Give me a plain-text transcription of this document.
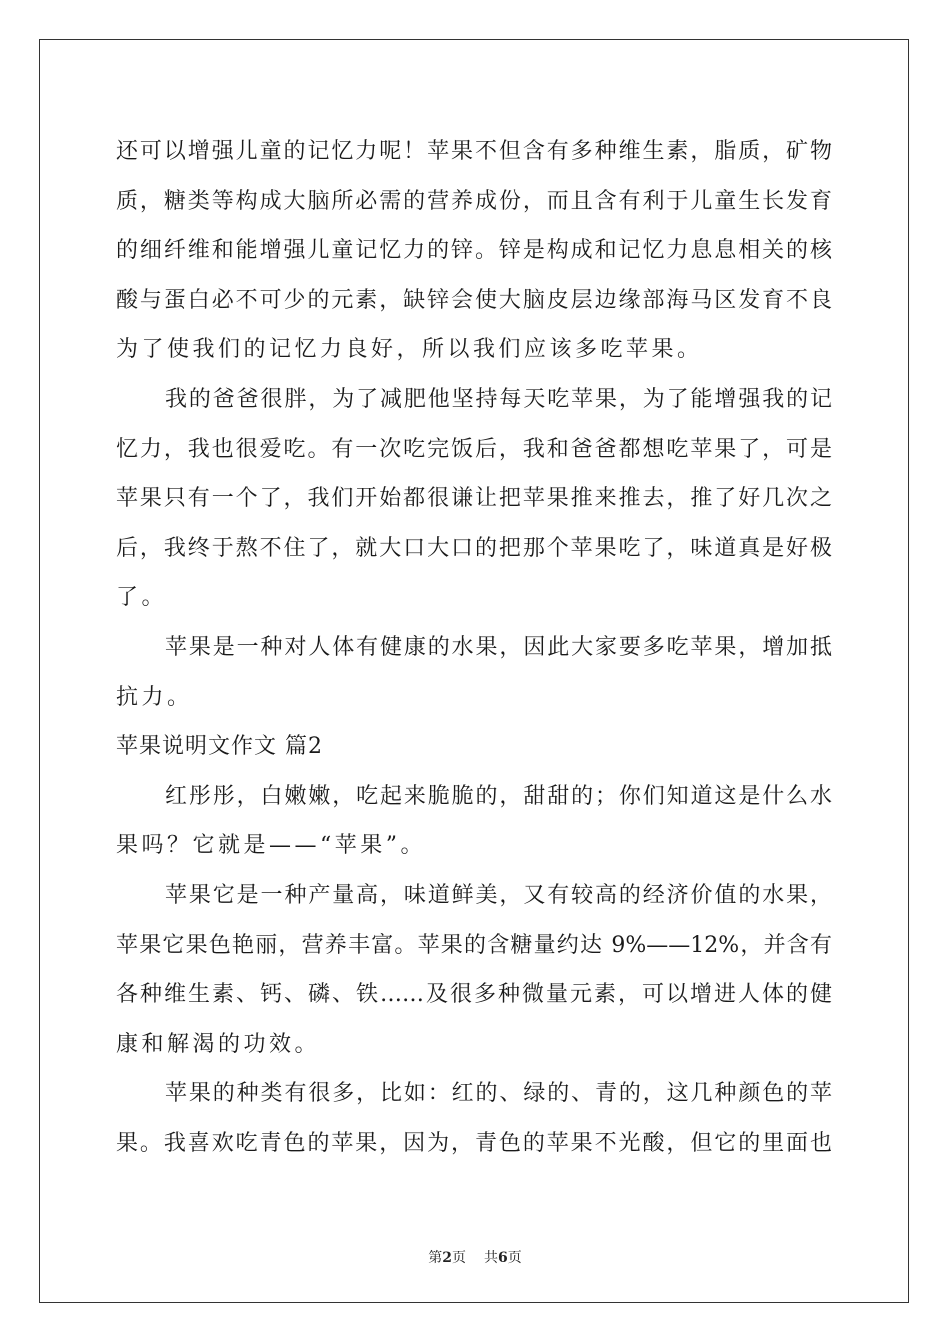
还可以增强儿童的记忆力呢！苹果不但含有多种维生素，脂质，矿物
质，糖类等构成大脑所必需的营养成份，而且含有利于儿童生长发育
的细纤维和能增强儿童记忆力的锌。锌是构成和记忆力息息相关的核
酸与蛋白必不可少的元素，缺锌会使大脑皮层边缘部海马区发育不良
为了使我们的记忆力良好，所以我们应该多吃苹果。
我的爸爸很胖，为了减肥他坚持每天吃苹果，为了能增强我的记
忆力，我也很爱吃。有一次吃完饭后，我和爸爸都想吃苹果了，可是
苹果只有一个了，我们开始都很谦让把苹果推来推去，推了好几次之
后，我终于熬不住了，就大口大口的把那个苹果吃了，味道真是好极
了。
苹果是一种对人体有健康的水果，因此大家要多吃苹果，增加抵
抗力。
苹果说明文作文 篇2
红彤彤，白嫩嫩，吃起来脆脆的，甜甜的；你们知道这是什么水
果吗？它就是——“苹果”。
苹果它是一种产量高，味道鲜美，又有较高的经济价值的水果，
苹果它果色艳丽，营养丰富。苹果的含糖量约达 9%——12%，并含有
各种维生素、钙、磷、铁……及很多种微量元素，可以增进人体的健
康和解渴的功效。
苹果的种类有很多，比如：红的、绿的、青的，这几种颜色的苹
果。我喜欢吃青色的苹果，因为，青色的苹果不光酸，但它的里面也
第2页 共6页
